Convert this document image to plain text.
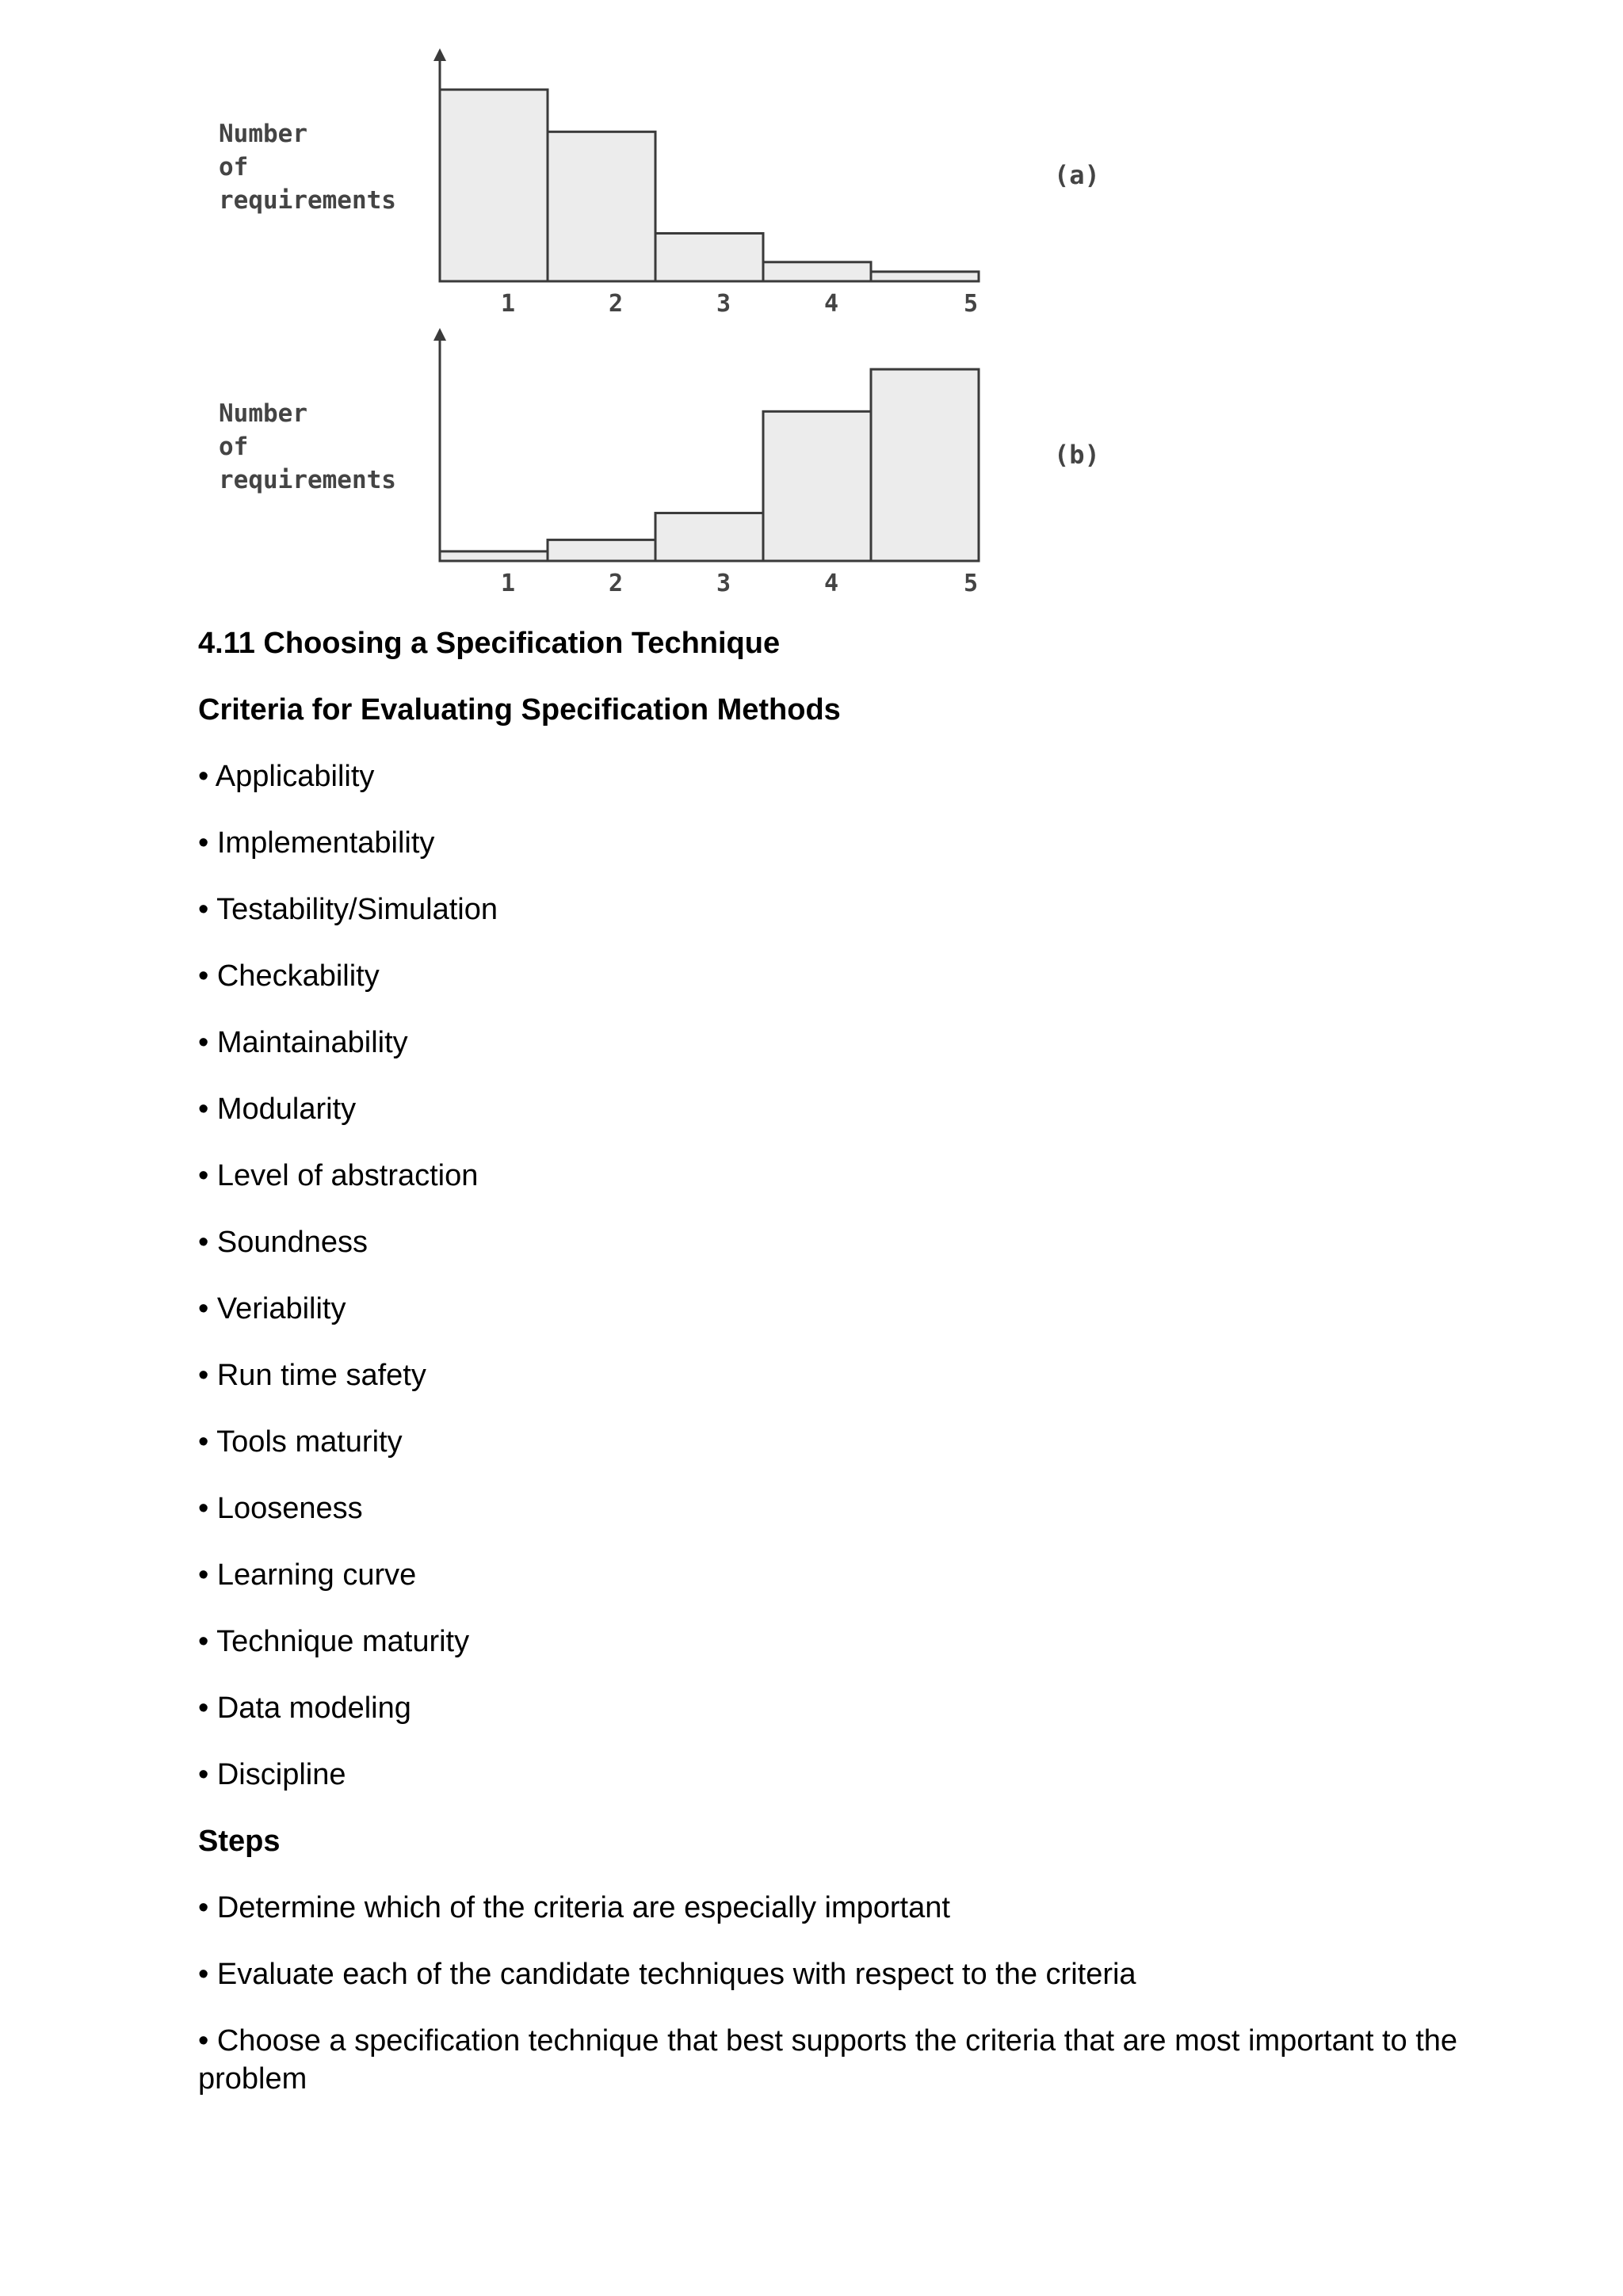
1	2	3	4	5
Number of requirements
(a)
1	2	3	4	5
Number of requirements
(b)
4.11 Choosing a Specification Technique
Criteria for Evaluating Specification Methods
• Applicability
• Implementability
• Testability/Simulation
• Checkability
• Maintainability
• Modularity
• Level of abstraction
• Soundness
• Veriability
• Run time safety
• Tools maturity
• Looseness
• Learning curve
• Technique maturity
• Data modeling
• Discipline
Steps
• Determine which of the criteria are especially important
• Evaluate each of the candidate techniques with respect to the criteria
• Choose a specification technique that best supports the criteria that are most important to the problem
